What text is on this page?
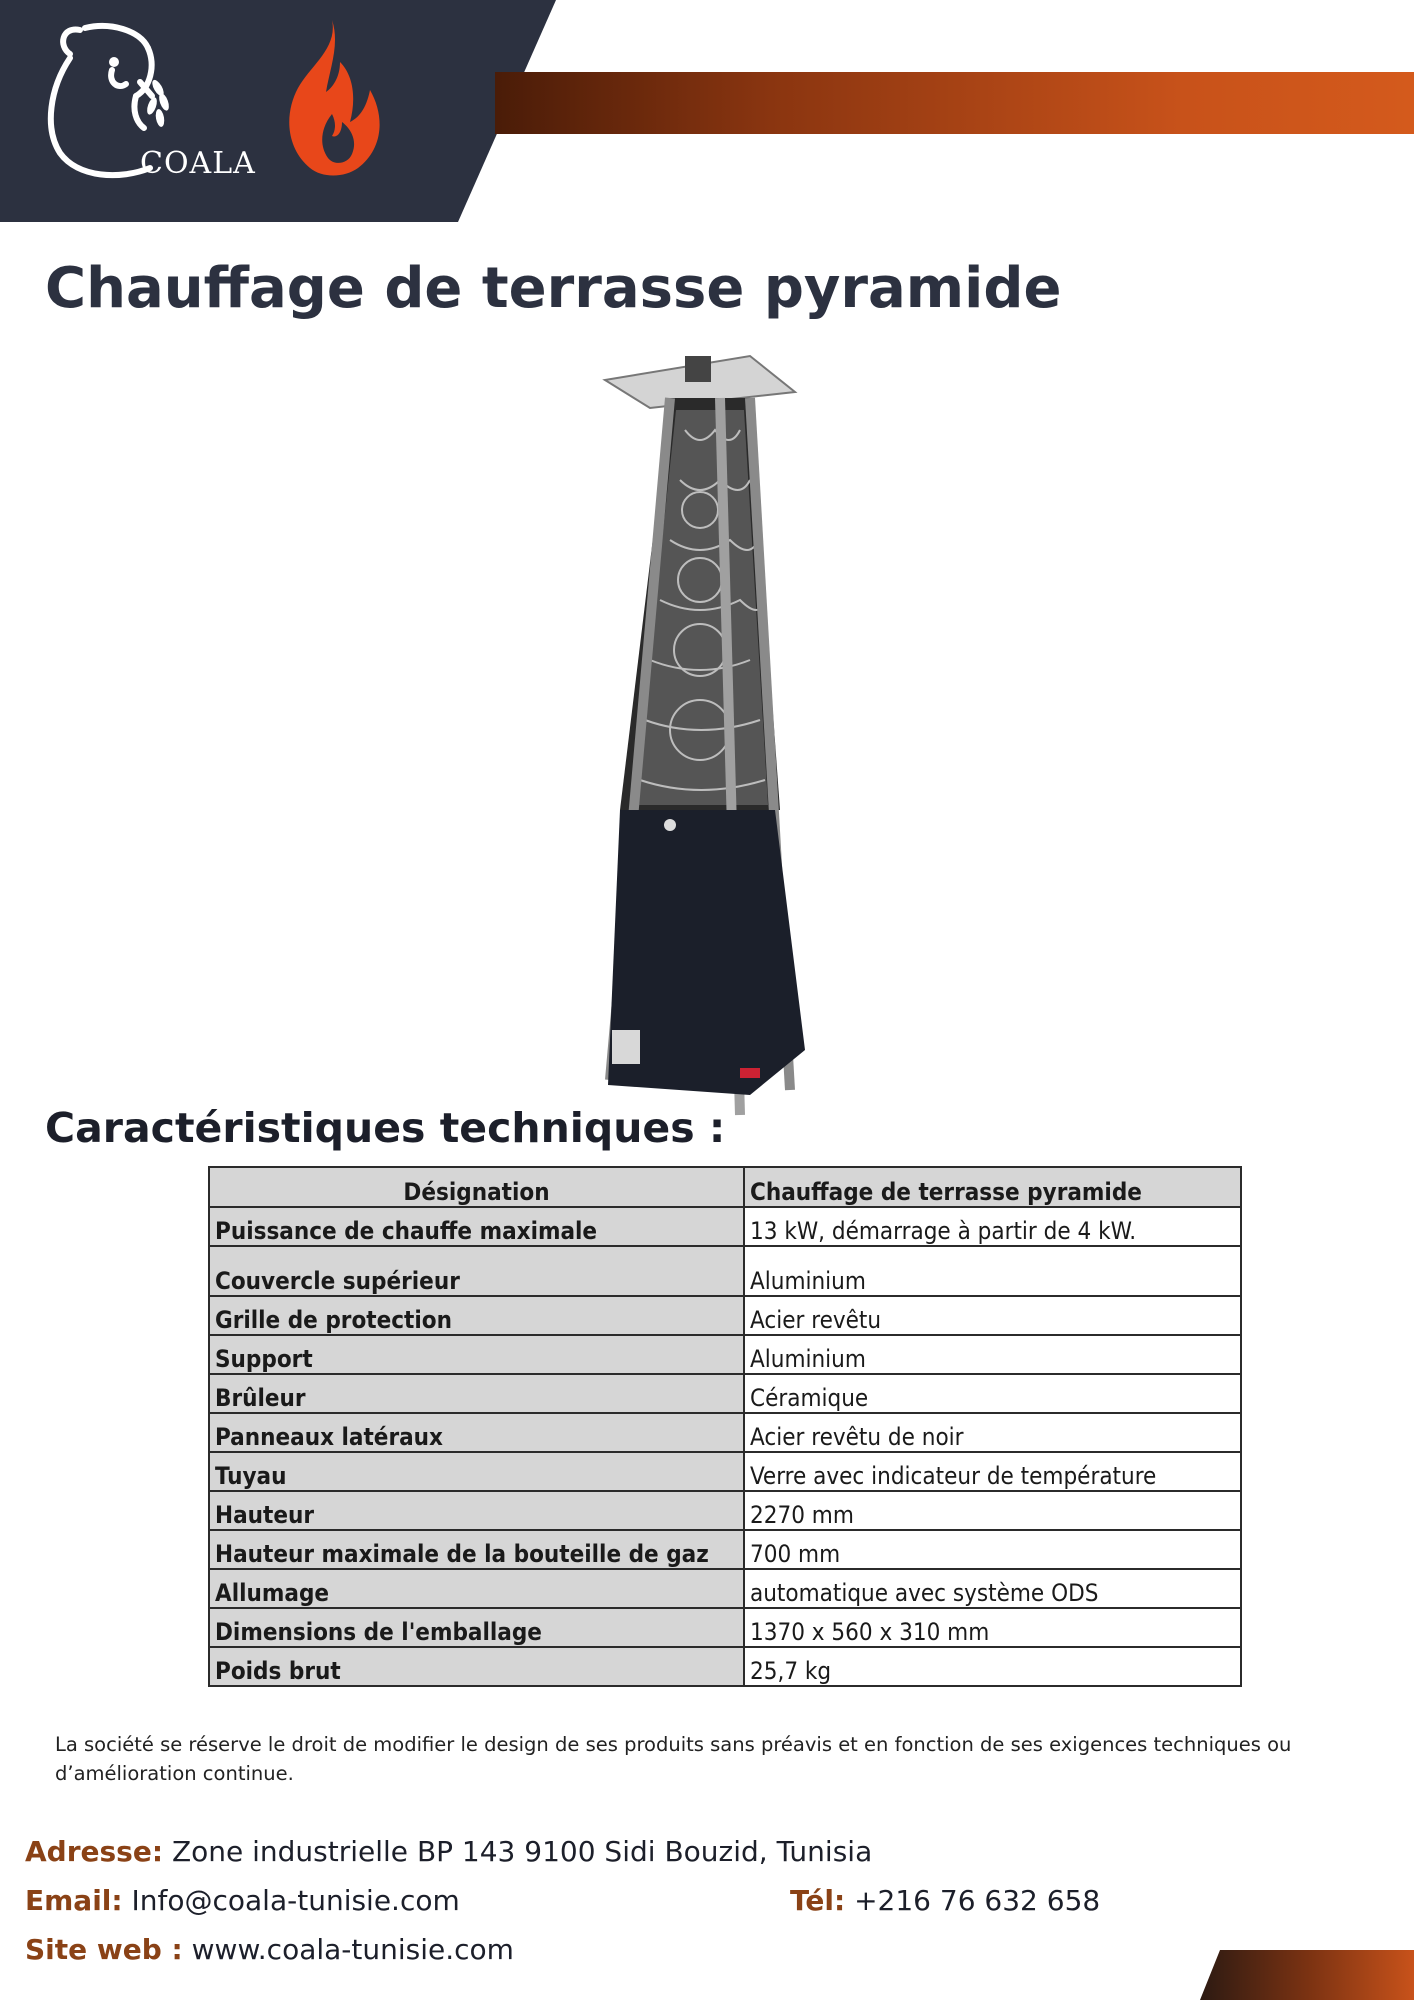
COALA
Chauffage de terrasse pyramide
Caractéristiques techniques :
Désignation	Chauffage de terrasse pyramide
Puissance de chauffe maximale	13 kW, démarrage à partir de 4 kW.
Couvercle supérieur	Aluminium
Grille de protection	Acier revêtu
Support	Aluminium
Brûleur	Céramique
Panneaux latéraux	Acier revêtu de noir
Tuyau	Verre avec indicateur de température
Hauteur	2270 mm
Hauteur maximale de la bouteille de gaz	700 mm
Allumage	automatique avec système ODS
Dimensions de l'emballage	1370 x 560 x 310 mm
Poids brut	25,7 kg

La société se réserve le droit de modifier le design de ses produits sans préavis et en fonction de ses exigences techniques ou d’amélioration continue.

Adresse: Zone industrielle BP 143 9100 Sidi Bouzid, Tunisia

Email: Info@coala-tunisie.com	Tél: +216 76 632 658

Site web : www.coala-tunisie.com
